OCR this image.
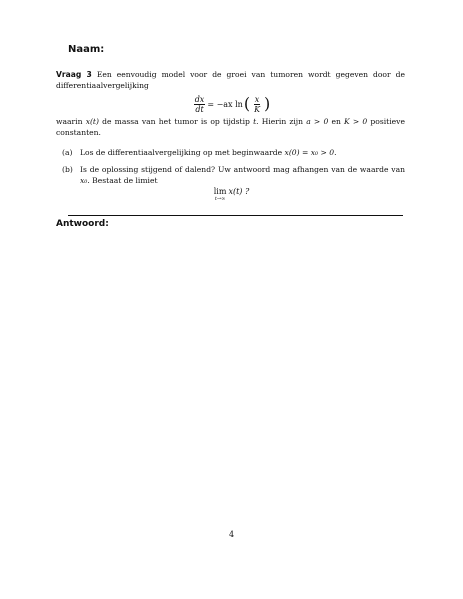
Naam:
Vraag 3 Een eenvoudig model voor de groei van tumoren wordt gegeven door de differentiaalvergelijking
$\frac{dx}{dt} = -ax$ ln ( $\frac{x}{K}$ )
waarin x(t) de massa van het tumor is op tijdstip t. Hierin zijn a > 0 en K > 0 positieve constanten.
(a) Los de differentiaalvergelijking op met beginwaarde x(0) = x₀ > 0.
(b) Is de oplossing stijgend of dalend? Uw antwoord mag afhangen van de waarde van x₀. Bestaat de limiet
lim
t→∞
x(t) ?
Antwoord:
4
